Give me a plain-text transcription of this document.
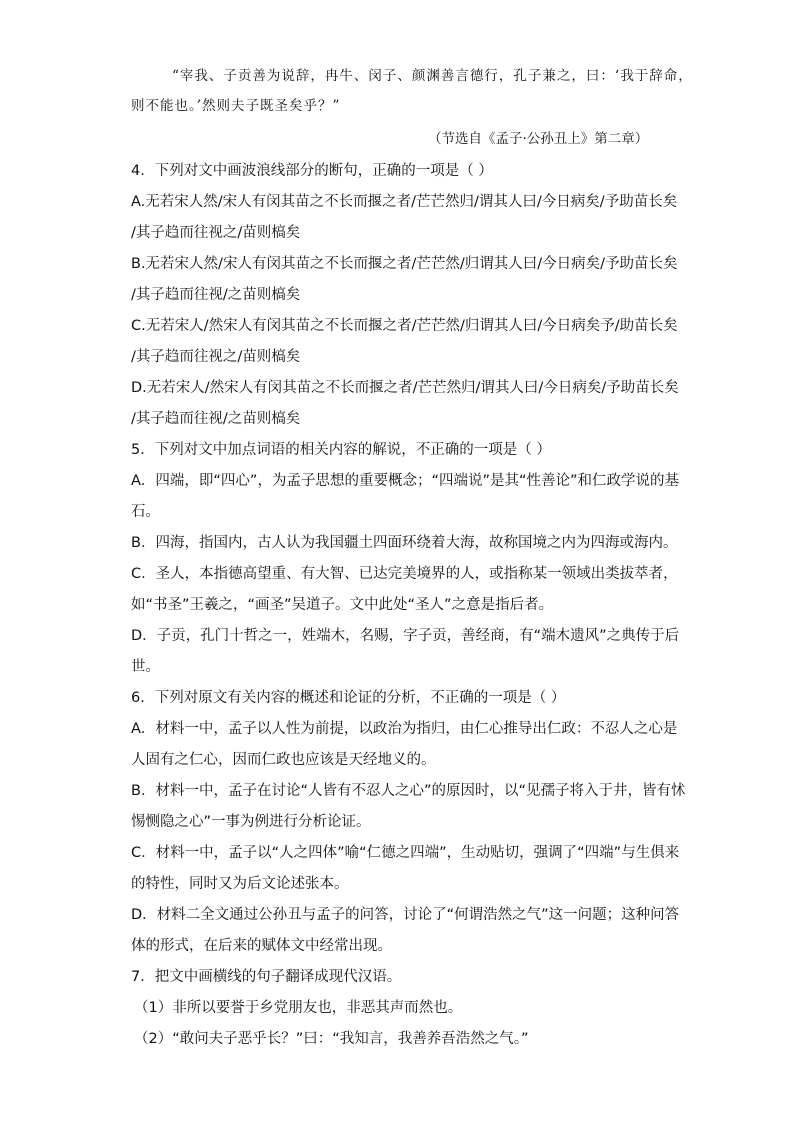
“宰我、子贡善为说辞，冉牛、闵子、颜渊善言德行，孔子兼之，曰：‘我于辞命，
则不能也。’然则夫子既圣矣乎？”
（节选自《孟子·公孙丑上》第二章）
4．下列对文中画波浪线部分的断句，正确的一项是（ ）
A.无若宋人然/宋人有闵其苗之不长而揠之者/芒芒然归/谓其人曰/今日病矣/予助苗长矣
/其子趋而往视之/苗则槁矣
B.无若宋人然/宋人有闵其苗之不长而揠之者/芒芒然/归谓其人曰/今日病矣/予助苗长矣
/其子趋而往视/之苗则槁矣
C.无若宋人/然宋人有闵其苗之不长而揠之者/芒芒然/归谓其人曰/今日病矣予/助苗长矣
/其子趋而往视之/苗则槁矣
D.无若宋人/然宋人有闵其苗之不长而揠之者/芒芒然归/谓其人曰/今日病矣/予助苗长矣
/其子趋而往视/之苗则槁矣
5．下列对文中加点词语的相关内容的解说，不正确的一项是（ ）
A．四端，即“四心”，为孟子思想的重要概念；“四端说”是其“性善论”和仁政学说的基
石。
B．四海，指国内，古人认为我国疆土四面环绕着大海，故称国境之内为四海或海内。
C．圣人，本指德高望重、有大智、已达完美境界的人，或指称某一领域出类拔萃者，
如“书圣”王羲之，“画圣”吴道子。文中此处“圣人”之意是指后者。
D．子贡，孔门十哲之一，姓端木，名赐，字子贡，善经商，有“端木遗风”之典传于后
世。
6．下列对原文有关内容的概述和论证的分析，不正确的一项是（ ）
A．材料一中，孟子以人性为前提，以政治为指归，由仁心推导出仁政：不忍人之心是
人固有之仁心，因而仁政也应该是天经地义的。
B．材料一中，孟子在讨论“人皆有不忍人之心”的原因时，以“见孺子将入于井，皆有怵
惕恻隐之心”一事为例进行分析论证。
C．材料一中，孟子以“人之四体”喻“仁德之四端”，生动贴切，强调了“四端”与生俱来
的特性，同时又为后文论述张本。
D．材料二全文通过公孙丑与孟子的问答，讨论了“何谓浩然之气”这一问题；这种问答
体的形式，在后来的赋体文中经常出现。
7．把文中画横线的句子翻译成现代汉语。
（1）非所以要誉于乡党朋友也，非恶其声而然也。
（2）“敢问夫子恶乎长？”曰：“我知言，我善养吾浩然之气。”
